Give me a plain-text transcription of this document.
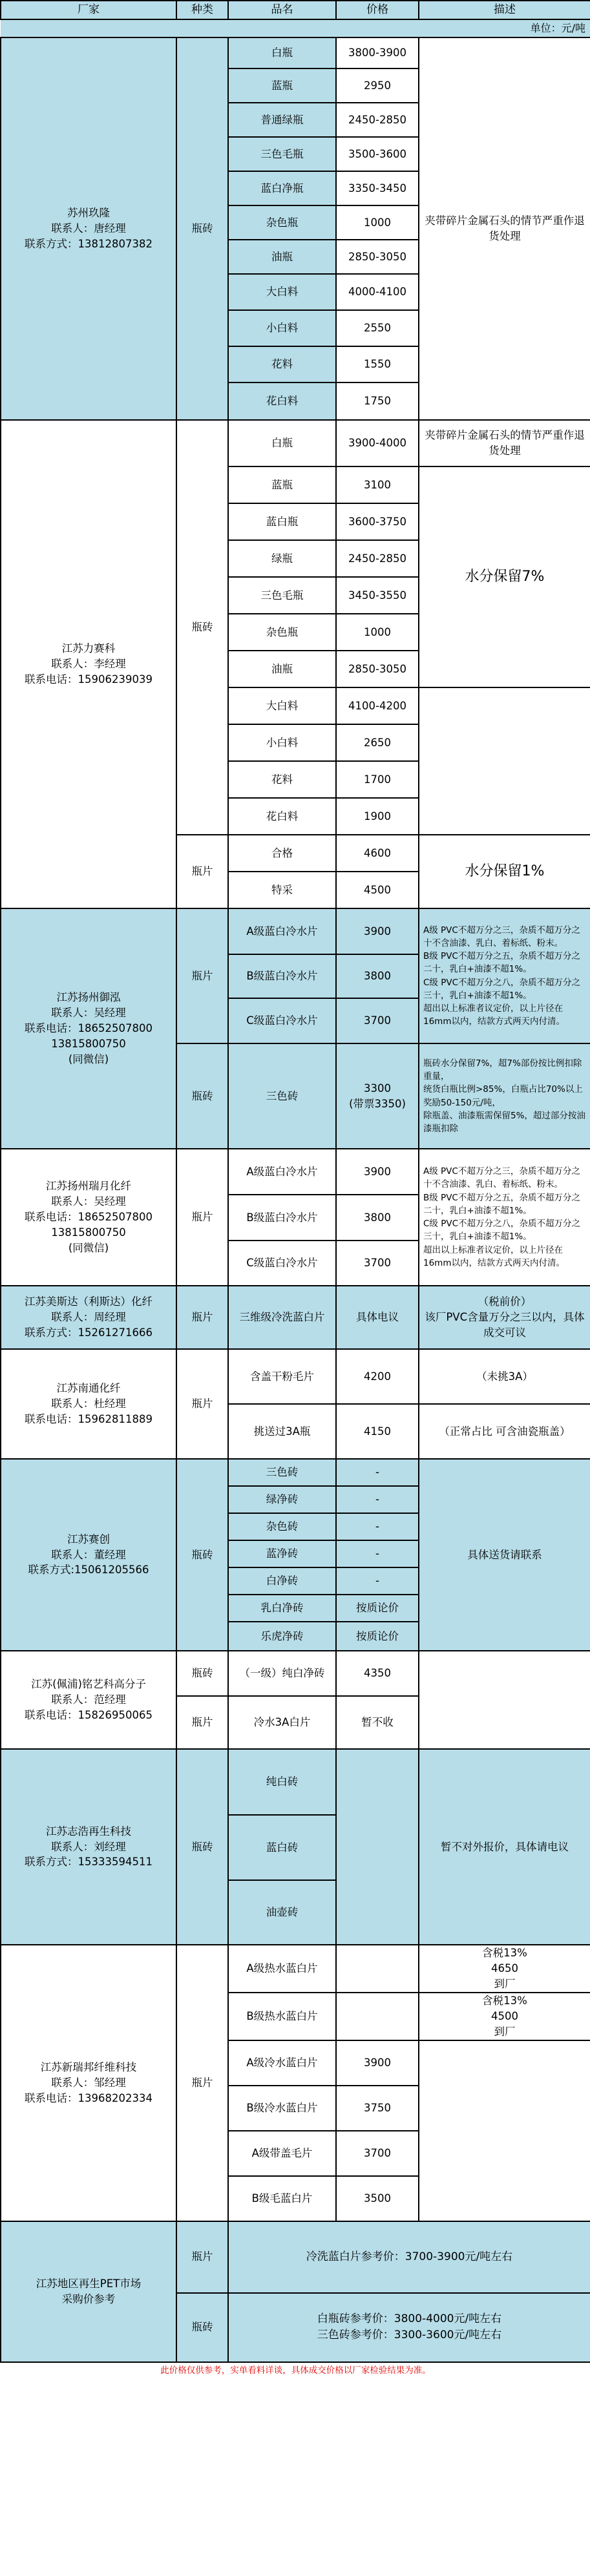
厂家	种类	品名	价格	描述
单位：元/吨				
苏州玖隆
联系人：唐经理
联系方式：13812807382	瓶砖	白瓶	3800-3900	夹带碎片金属石头的情节严重作退货处理
		蓝瓶	2950	
		普通绿瓶	2450-2850	
		三色毛瓶	3500-3600	
		蓝白净瓶	3350-3450	
		杂色瓶	1000	
		油瓶	2850-3050	
		大白料	4000-4100	
		小白料	2550	
		花料	1550	
		花白料	1750	
江苏力赛科
联系人：李经理
联系电话：15906239039	瓶砖	白瓶	3900-4000	夹带碎片金属石头的情节严重作退货处理
		蓝瓶	3100	水分保留7%
		蓝白瓶	3600-3750	
		绿瓶	2450-2850	
		三色毛瓶	3450-3550	
		杂色瓶	1000	
		油瓶	2850-3050	
		大白料	4100-4200	
		小白料	2650	
		花料	1700	
		花白料	1900	
	瓶片	合格	4600	水分保留1%
		特采	4500	
江苏扬州御泓
联系人：吴经理
联系电话：18652507800
13815800750
(同微信)	瓶片	A级蓝白冷水片	3900	A级 PVC不超万分之三，杂质不超万分之十不含油漆、乳白、着标纸、粉末。
B级 PVC不超万分之五，杂质不超万分之二十，乳白+油漆不超1%。
C级 PVC不超万分之八，杂质不超万分之三十，乳白+油漆不超1%。
超出以上标准者议定价，以上片径在16mm以内，结款方式两天内付清。
		B级蓝白冷水片	3800	
		C级蓝白冷水片	3700	
	瓶砖	三色砖	3300
(带票3350)	瓶砖水分保留7%，超7%部份按比例扣除重量，
统货白瓶比例>85%，白瓶占比70%以上奖励50-150元/吨，
除瓶盖、油漆瓶需保留5%，超过部分按油漆瓶扣除
江苏扬州瑞月化纤
联系人：吴经理
联系电话：18652507800
13815800750
(同微信)	瓶片	A级蓝白冷水片	3900	A级 PVC不超万分之三，杂质不超万分之十不含油漆、乳白、着标纸、粉末。
B级 PVC不超万分之五，杂质不超万分之二十，乳白+油漆不超1%。
C级 PVC不超万分之八，杂质不超万分之三十，乳白+油漆不超1%。
超出以上标准者议定价，以上片径在16mm以内，结款方式两天内付清。
		B级蓝白冷水片	3800	
		C级蓝白冷水片	3700	
江苏美斯达（利斯达）化纤
联系人：周经理
联系方式：15261271666	瓶片	三维级冷洗蓝白片	具体电议	（税前价）
该厂PVC含量万分之三以内，具体成交可议
江苏南通化纤
联系人：杜经理
联系电话：15962811889	瓶片	含盖干粉毛片	4200	（未挑3A）
		挑送过3A瓶	4150	（正常占比 可含油瓷瓶盖）
江苏赛创
联系人：董经理
联系方式:15061205566	瓶砖	三色砖	-	具体送货请联系
		绿净砖	-	
		杂色砖	-	
		蓝净砖	-	
		白净砖	-	
		乳白净砖	按质论价	
		乐虎净砖	按质论价	
江苏(佩浦)铭艺科高分子
联系人：范经理
联系电话：15826950065	瓶砖	（一级）纯白净砖	4350	
	瓶片	冷水3A白片	暂不收	
江苏志浩再生科技
联系人：刘经理
联系方式：15333594511	瓶砖	纯白砖		暂不对外报价，具体请电议
		蓝白砖		
		油壶砖		
江苏新瑞邦纤维科技
联系人：邹经理
联系电话：13968202334	瓶片	A级热水蓝白片		含税13%
4650
到厂
		B级热水蓝白片		含税13%
4500
到厂
		A级冷水蓝白片	3900	
		B级冷水蓝白片	3750	
		A级带盖毛片	3700	
		B级毛蓝白片	3500	
江苏地区再生PET市场
采购价参考	瓶片	冷洗蓝白片参考价：3700-3900元/吨左右		
	瓶砖	白瓶砖参考价：3800-4000元/吨左右
三色砖参考价：3300-3600元/吨左右		
此价格仅供参考，实单看料详谈，具体成交价格以厂家检验结果为准。				
